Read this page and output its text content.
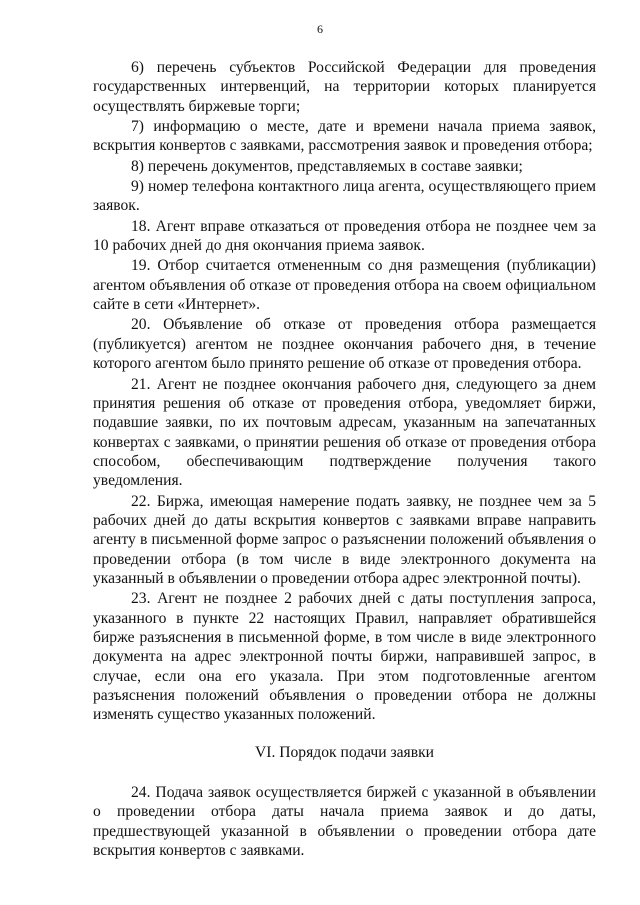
6

6) перечень субъектов Российской Федерации для проведения государственных интервенций, на территории которых планируется осуществлять биржевые торги;

7) информацию о месте, дате и времени начала приема заявок, вскрытия конвертов с заявками, рассмотрения заявок и проведения отбора;

8) перечень документов, представляемых в составе заявки;

9) номер телефона контактного лица агента, осуществляющего прием заявок.

18. Агент вправе отказаться от проведения отбора не позднее чем за 10 рабочих дней до дня окончания приема заявок.

19. Отбор считается отмененным со дня размещения (публикации) агентом объявления об отказе от проведения отбора на своем официальном сайте в сети «Интернет».

20. Объявление об отказе от проведения отбора размещается (публикуется) агентом не позднее окончания рабочего дня, в течение которого агентом было принято решение об отказе от проведения отбора.

21. Агент не позднее окончания рабочего дня, следующего за днем принятия решения об отказе от проведения отбора, уведомляет биржи, подавшие заявки, по их почтовым адресам, указанным на запечатанных конвертах с заявками, о принятии решения об отказе от проведения отбора способом, обеспечивающим подтверждение получения такого уведомления.

22. Биржа, имеющая намерение подать заявку, не позднее чем за 5 рабочих дней до даты вскрытия конвертов с заявками вправе направить агенту в письменной форме запрос о разъяснении положений объявления о проведении отбора (в том числе в виде электронного документа на указанный в объявлении о проведении отбора адрес электронной почты).

23. Агент не позднее 2 рабочих дней с даты поступления запроса, указанного в пункте 22 настоящих Правил, направляет обратившейся бирже разъяснения в письменной форме, в том числе в виде электронного документа на адрес электронной почты биржи, направившей запрос, в случае, если она его указала. При этом подготовленные агентом разъяснения положений объявления о проведении отбора не должны изменять существо указанных положений.

VI. Порядок подачи заявки

24. Подача заявок осуществляется биржей с указанной в объявлении о проведении отбора даты начала приема заявок и до даты, предшествующей указанной в объявлении о проведении отбора дате вскрытия конвертов с заявками.
